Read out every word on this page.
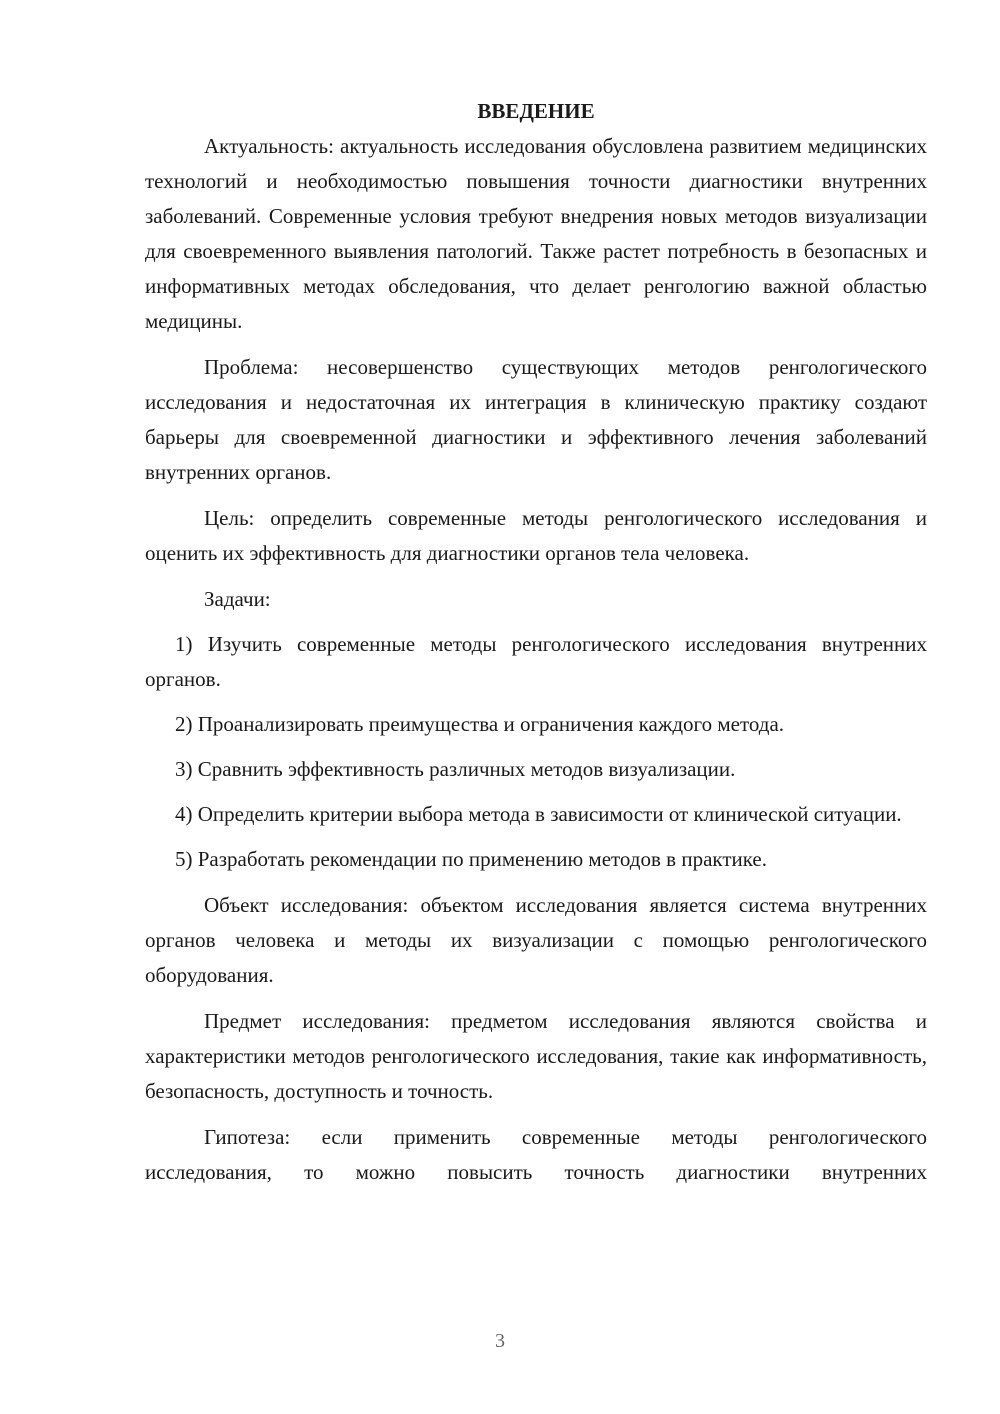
ВВЕДЕНИЕ

Актуальность: актуальность исследования обусловлена развитием медицинских технологий и необходимостью повышения точности диагностики внутренних заболеваний. Современные условия требуют внедрения новых методов визуализации для своевременного выявления патологий. Также растет потребность в безопасных и информативных методах обследования, что делает ренгологию важной областью медицины.

Проблема: несовершенство существующих методов ренгологического исследования и недостаточная их интеграция в клиническую практику создают барьеры для своевременной диагностики и эффективного лечения заболеваний внутренних органов.

Цель: определить современные методы ренгологического исследования и оценить их эффективность для диагностики органов тела человека.

Задачи:

1) Изучить современные методы ренгологического исследования внутренних органов.

2) Проанализировать преимущества и ограничения каждого метода.

3) Сравнить эффективность различных методов визуализации.

4) Определить критерии выбора метода в зависимости от клинической ситуации.

5) Разработать рекомендации по применению методов в практике.

Объект исследования: объектом исследования является система внутренних органов человека и методы их визуализации с помощью ренгологического оборудования.

Предмет исследования: предметом исследования являются свойства и характеристики методов ренгологического исследования, такие как информативность, безопасность, доступность и точность.

Гипотеза: если применить современные методы ренгологического исследования, то можно повысить точность диагностики внутренних

3
